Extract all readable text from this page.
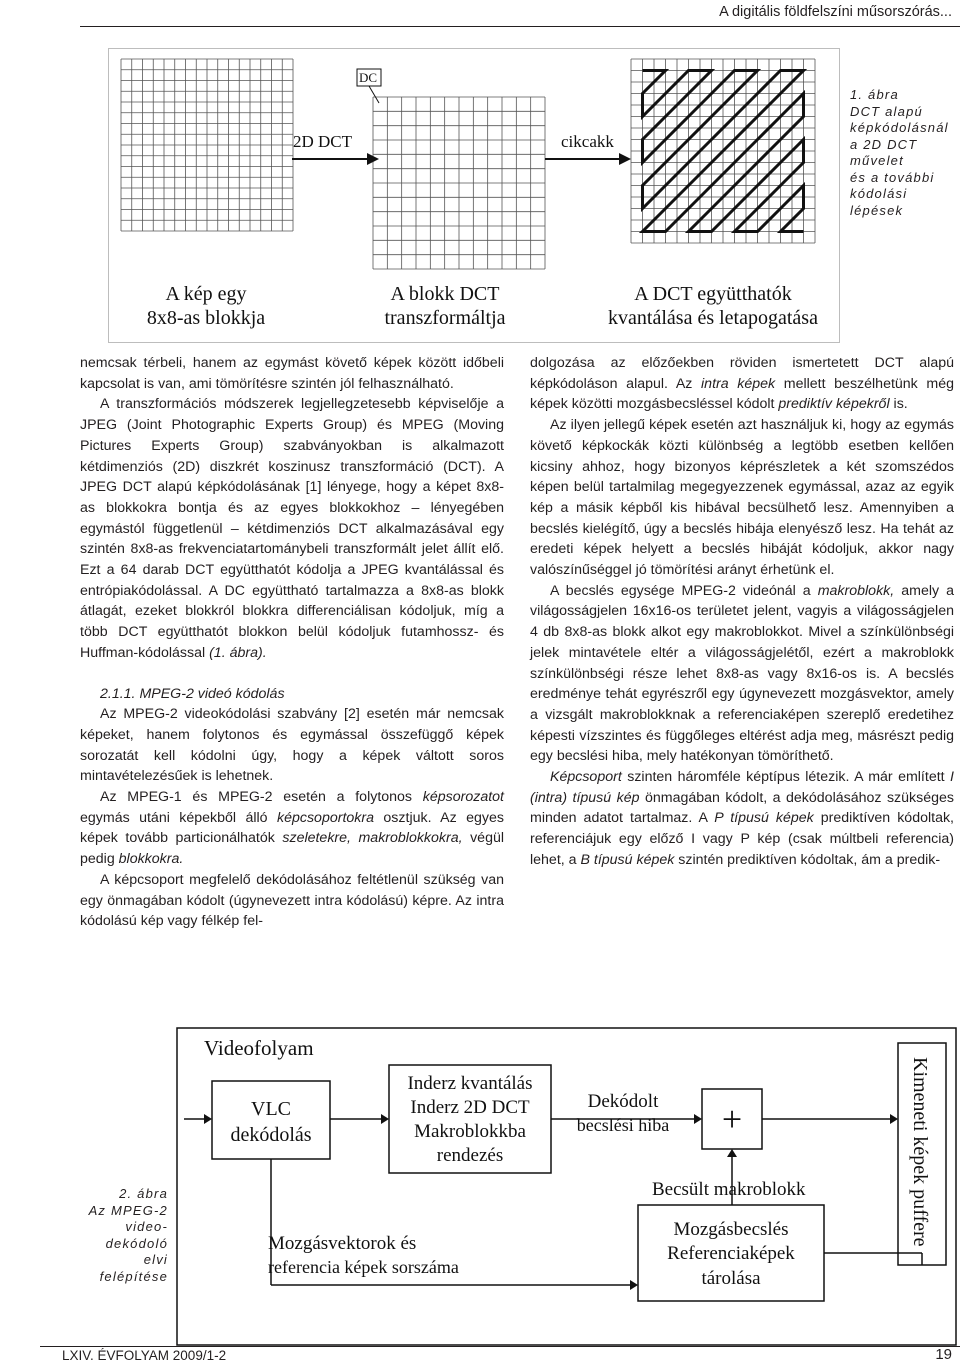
A digitális földfelszíni műsorszórás...
DC
2D DCT	cikcakk
A kép egy
8x8-as blokkja
A blokk DCT
transzformáltja
A DCT együtthatók
kvantálása és letapogatása
1. ábra
DCT alapú
képkódolásnál
a 2D DCT
művelet
és a további
kódolási
lépések

nemcsak térbeli, hanem az egymást követő képek között időbeli kapcsolat is van, ami tömörítésre szintén jól felhasználható.

A transzformációs módszerek legjellegzetesebb képviselője a JPEG (Joint Photographic Experts Group) és MPEG (Moving Pictures Experts Group) szabványokban is alkalmazott kétdimenziós (2D) diszkrét koszinusz transzformáció (DCT). A JPEG DCT alapú képkódolásának [1] lényege, hogy a képet 8x8-as blokkokra bontja és az egyes blokkokhoz – lényegében egymástól függetlenül – kétdimenziós DCT alkalmazásával egy szintén 8x8-as frekvenciatartománybeli transzformált jelet állít elő. Ezt a 64 darab DCT együtthatót kódolja a JPEG kvantálással és entrópiakódolással. A DC együttható tartalmazza a 8x8-as blokk átlagát, ezeket blokkról blokkra differenciálisan kódoljuk, míg a több DCT együtthatót blokkon belül kódoljuk futamhossz- és Huffman-kódolással (1. ábra).

2.1.1. MPEG-2 videó kódolás

Az MPEG-2 videokódolási szabvány [2] esetén már nemcsak képeket, hanem folytonos és egymással összefüggő képek sorozatát kell kódolni úgy, hogy a képek váltott soros mintavételezésűek is lehetnek.

Az MPEG-1 és MPEG-2 esetén a folytonos képsorozatot egymás utáni képekből álló képcsoportokra osztjuk. Az egyes képek tovább particionálhatók szeletekre, makroblokkokra, végül pedig blokkokra.

A képcsoport megfelelő dekódolásához feltétlenül szükség van egy önmagában kódolt (úgynevezett intra kódolású) képre. Az intra kódolású kép vagy félkép fel-

dolgozása az előzőekben röviden ismertetett DCT alapú képkódoláson alapul. Az intra képek mellett beszélhetünk még képek közötti mozgásbecsléssel kódolt prediktív képekről is.

Az ilyen jellegű képek esetén azt használjuk ki, hogy az egymás követő képkockák közti különbség a legtöbb esetben kellően kicsiny ahhoz, hogy bizonyos képrészletek a két szomszédos képen belül tartalmilag megegyezzenek egymással, azaz az egyik kép a másik képből kis hibával becsülhető lesz. Amennyiben a becslés kielégítő, úgy a becslés hibája elenyésző lesz. Ha tehát az eredeti képek helyett a becslés hibáját kódoljuk, akkor nagy valószínűséggel jó tömörítési arányt érhetünk el.

A becslés egysége MPEG-2 videónál a makroblokk, amely a világosságjelen 16x16-os területet jelent, vagyis a világosságjelen 4 db 8x8-as blokk alkot egy makroblokkot. Mivel a színkülönbségi jelek mintavétele eltér a világosságjelétől, ezért a makroblokk színkülönbségi része lehet 8x8-as vagy 8x16-os is. A becslés eredménye tehát egyrészről egy úgynevezett mozgásvektor, amely a vizsgált makroblokknak a referenciaképen szereplő eredetihez képesti vízszintes és függőleges eltérést adja meg, másrészt pedig egy becslési hiba, mely hatékonyan tömöríthető.

Képcsoport szinten háromféle képtípus létezik. A már említett I (intra) típusú kép önmagában kódolt, a dekódolásához szükséges minden adatot tartalmaz. A P típusú képek prediktíven kódoltak, referenciájuk egy előző I vagy P kép (csak múltbeli referencia) lehet, a B típusú képek szintén prediktíven kódoltak, ám a predik-

2. ábra
Az MPEG-2
video-
dekódoló
elvi
felépítése
Videofolyam
VLC
dekódolás
Inderz kvantálás
Inderz 2D DCT
Makroblokkba
rendezés
Dekódolt
becslési hiba +	Kimeneti képek puffere
Becsült makroblokk
Mozgásbecslés
Referenciaképek
tárolása
Mozgásvektorok és
referencia képek sorszáma
LXIV. ÉVFOLYAM 2009/1-2	19
